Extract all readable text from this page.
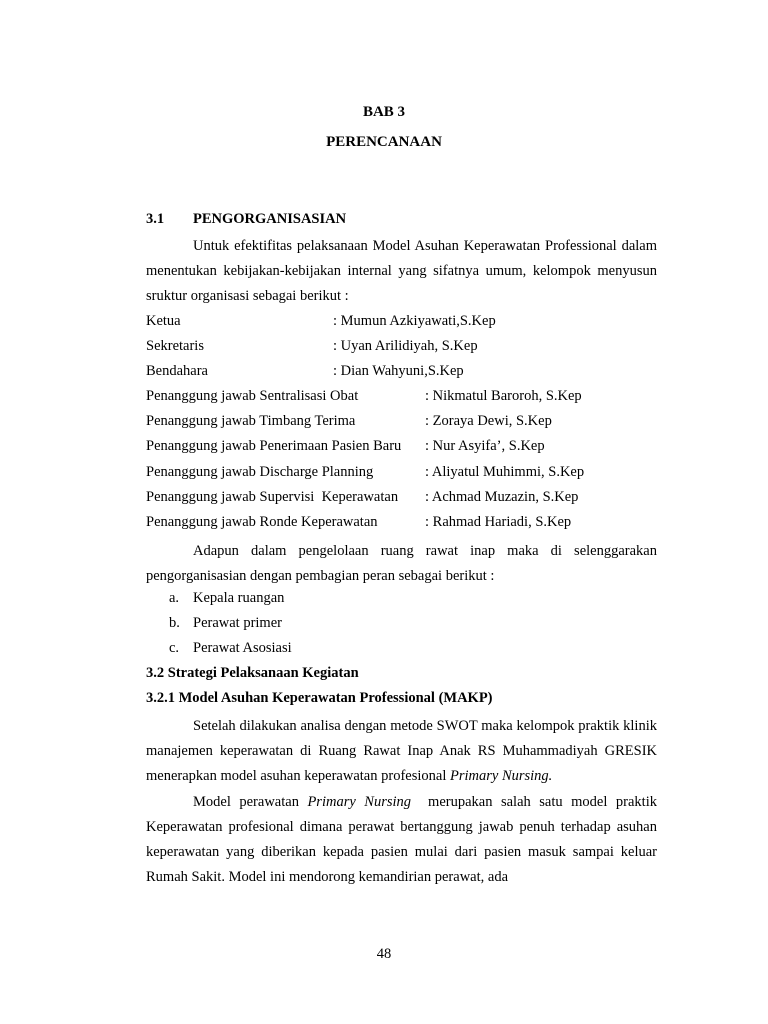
BAB 3
PERENCANAAN
3.1 PENGORGANISASIAN

Untuk efektifitas pelaksanaan Model Asuhan Keperawatan Professional dalam menentukan kebijakan-kebijakan internal yang sifatnya umum, kelompok menyusun sruktur organisasi sebagai berikut :

Ketua	: Mumun Azkiyawati,S.Kep
Sekretaris	: Uyan Arilidiyah, S.Kep
Bendahara	: Dian Wahyuni,S.Kep
Penanggung jawab Sentralisasi Obat	: Nikmatul Baroroh, S.Kep
Penanggung jawab Timbang Terima	: Zoraya Dewi, S.Kep
Penanggung jawab Penerimaan Pasien Baru : Nur Asyifa’, S.Kep
Penanggung jawab Discharge Planning	: Aliyatul Muhimmi, S.Kep
Penanggung jawab Supervisi  Keperawatan : Achmad Muzazin, S.Kep
Penanggung jawab Ronde Keperawatan	: Rahmad Hariadi, S.Kep

Adapun dalam pengelolaan ruang rawat inap maka di selenggarakan pengorganisasian dengan pembagian peran sebagai berikut :

a. Kepala ruangan
b. Perawat primer
c. Perawat Asosiasi
3.2 Strategi Pelaksanaan Kegiatan
3.2.1 Model Asuhan Keperawatan Professional (MAKP)

Setelah dilakukan analisa dengan metode SWOT maka kelompok praktik klinik manajemen keperawatan di Ruang Rawat Inap Anak RS Muhammadiyah GRESIK menerapkan model asuhan keperawatan profesional Primary Nursing.

Model perawatan Primary Nursing  merupakan salah satu model praktik Keperawatan profesional dimana perawat bertanggung jawab penuh terhadap asuhan keperawatan yang diberikan kepada pasien mulai dari pasien masuk sampai keluar Rumah Sakit. Model ini mendorong kemandirian perawat, ada

48
